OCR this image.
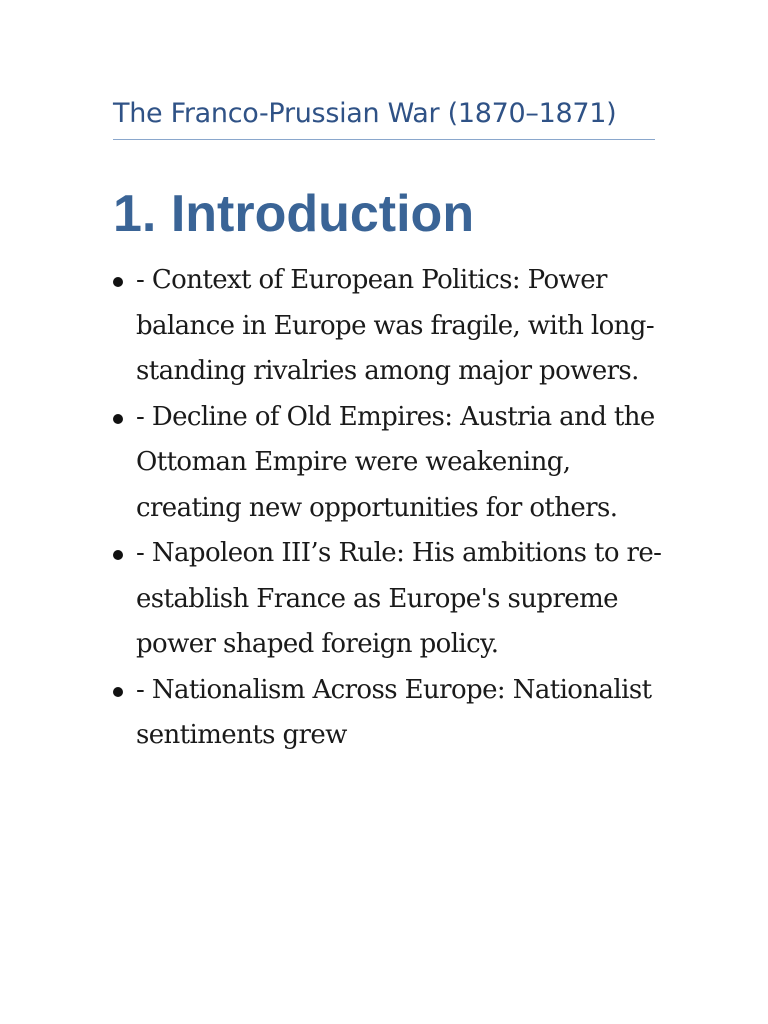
The Franco-Prussian War (1870–1871)
1. Introduction
- Context of European Politics: Power balance in Europe was fragile, with long-standing rivalries among major powers.
- Decline of Old Empires: Austria and the Ottoman Empire were weakening, creating new opportunities for others.
- Napoleon III’s Rule: His ambitions to re-establish France as Europe's supreme power shaped foreign policy.
- Nationalism Across Europe: Nationalist sentiments grew
